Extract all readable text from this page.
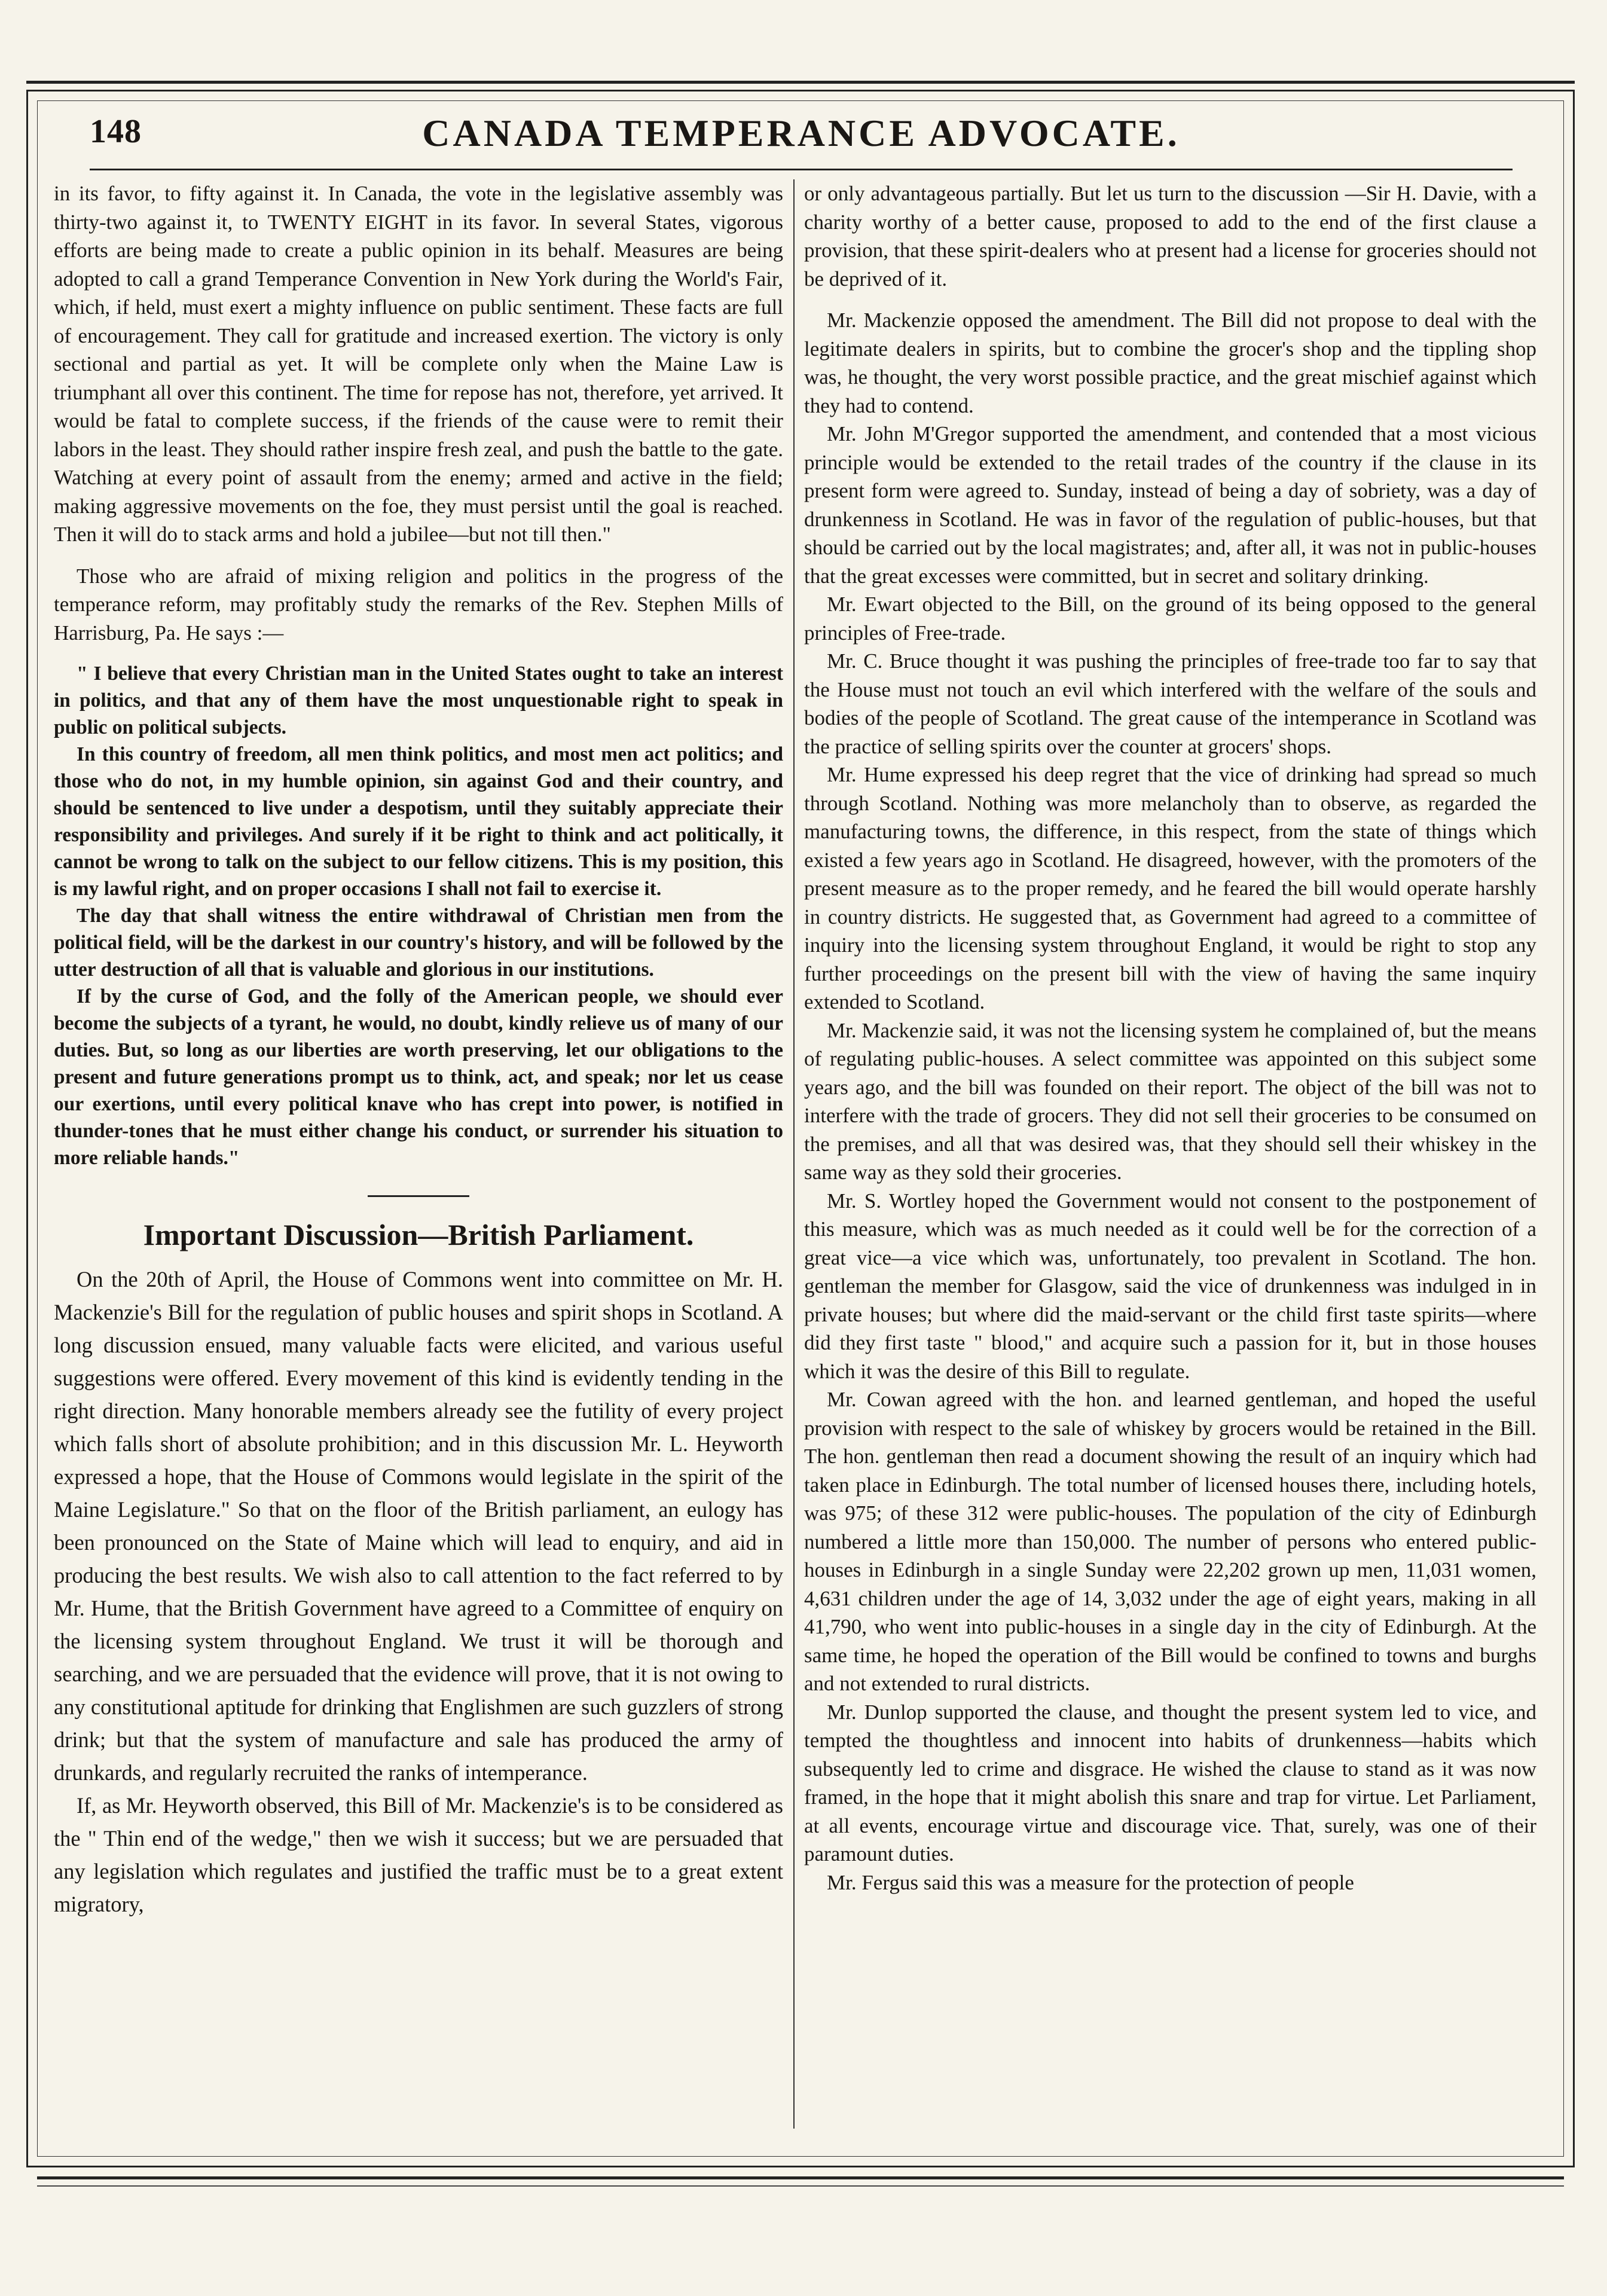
148	CANADA TEMPERANCE ADVOCATE.

in its favor, to fifty against it. In Canada, the vote in the legislative assembly was thirty-two against it, to TWENTY EIGHT in its favor. In several States, vigorous efforts are being made to create a public opinion in its behalf. Measures are being adopted to call a grand Temperance Convention in New York during the World's Fair, which, if held, must exert a mighty influence on public sentiment. These facts are full of encouragement. They call for gratitude and increased exertion. The victory is only sectional and partial as yet. It will be complete only when the Maine Law is triumphant all over this continent. The time for repose has not, therefore, yet arrived. It would be fatal to complete success, if the friends of the cause were to remit their labors in the least. They should rather inspire fresh zeal, and push the battle to the gate. Watching at every point of assault from the enemy; armed and active in the field; making aggressive movements on the foe, they must persist until the goal is reached. Then it will do to stack arms and hold a jubilee—but not till then."

Those who are afraid of mixing religion and politics in the progress of the temperance reform, may profitably study the remarks of the Rev. Stephen Mills of Harrisburg, Pa. He says :—

" I believe that every Christian man in the United States ought to take an interest in politics, and that any of them have the most unquestionable right to speak in public on political subjects.

In this country of freedom, all men think politics, and most men act politics; and those who do not, in my humble opinion, sin against God and their country, and should be sentenced to live under a despotism, until they suitably appreciate their responsibility and privileges. And surely if it be right to think and act politically, it cannot be wrong to talk on the subject to our fellow citizens. This is my position, this is my lawful right, and on proper occasions I shall not fail to exercise it.

The day that shall witness the entire withdrawal of Christian men from the political field, will be the darkest in our country's history, and will be followed by the utter destruction of all that is valuable and glorious in our institutions.

If by the curse of God, and the folly of the American people, we should ever become the subjects of a tyrant, he would, no doubt, kindly relieve us of many of our duties. But, so long as our liberties are worth preserving, let our obligations to the present and future generations prompt us to think, act, and speak; nor let us cease our exertions, until every political knave who has crept into power, is notified in thunder-tones that he must either change his conduct, or surrender his situation to more reliable hands."

Important Discussion—British Parliament.

On the 20th of April, the House of Commons went into committee on Mr. H. Mackenzie's Bill for the regulation of public houses and spirit shops in Scotland. A long discussion ensued, many valuable facts were elicited, and various useful suggestions were offered. Every movement of this kind is evidently tending in the right direction. Many honorable members already see the futility of every project which falls short of absolute prohibition; and in this discussion Mr. L. Heyworth expressed a hope, that the House of Commons would legislate in the spirit of the Maine Legislature." So that on the floor of the British parliament, an eulogy has been pronounced on the State of Maine which will lead to enquiry, and aid in producing the best results. We wish also to call attention to the fact referred to by Mr. Hume, that the British Government have agreed to a Committee of enquiry on the licensing system throughout England. We trust it will be thorough and searching, and we are persuaded that the evidence will prove, that it is not owing to any constitutional aptitude for drinking that Englishmen are such guzzlers of strong drink; but that the system of manufacture and sale has produced the army of drunkards, and regularly recruited the ranks of intemperance.

If, as Mr. Heyworth observed, this Bill of Mr. Mackenzie's is to be considered as the " Thin end of the wedge," then we wish it success; but we are persuaded that any legislation which regulates and justified the traffic must be to a great extent migratory,

or only advantageous partially. But let us turn to the discussion —Sir H. Davie, with a charity worthy of a better cause, proposed to add to the end of the first clause a provision, that these spirit-dealers who at present had a license for groceries should not be deprived of it.

Mr. Mackenzie opposed the amendment. The Bill did not propose to deal with the legitimate dealers in spirits, but to combine the grocer's shop and the tippling shop was, he thought, the very worst possible practice, and the great mischief against which they had to contend.

Mr. John M'Gregor supported the amendment, and contended that a most vicious principle would be extended to the retail trades of the country if the clause in its present form were agreed to. Sunday, instead of being a day of sobriety, was a day of drunkenness in Scotland. He was in favor of the regulation of public-houses, but that should be carried out by the local magistrates; and, after all, it was not in public-houses that the great excesses were committed, but in secret and solitary drinking.

Mr. Ewart objected to the Bill, on the ground of its being opposed to the general principles of Free-trade.

Mr. C. Bruce thought it was pushing the principles of free-trade too far to say that the House must not touch an evil which interfered with the welfare of the souls and bodies of the people of Scotland. The great cause of the intemperance in Scotland was the practice of selling spirits over the counter at grocers' shops.

Mr. Hume expressed his deep regret that the vice of drinking had spread so much through Scotland. Nothing was more melancholy than to observe, as regarded the manufacturing towns, the difference, in this respect, from the state of things which existed a few years ago in Scotland. He disagreed, however, with the promoters of the present measure as to the proper remedy, and he feared the bill would operate harshly in country districts. He suggested that, as Government had agreed to a committee of inquiry into the licensing system throughout England, it would be right to stop any further proceedings on the present bill with the view of having the same inquiry extended to Scotland.

Mr. Mackenzie said, it was not the licensing system he complained of, but the means of regulating public-houses. A select committee was appointed on this subject some years ago, and the bill was founded on their report. The object of the bill was not to interfere with the trade of grocers. They did not sell their groceries to be consumed on the premises, and all that was desired was, that they should sell their whiskey in the same way as they sold their groceries.

Mr. S. Wortley hoped the Government would not consent to the postponement of this measure, which was as much needed as it could well be for the correction of a great vice—a vice which was, unfortunately, too prevalent in Scotland. The hon. gentleman the member for Glasgow, said the vice of drunkenness was indulged in in private houses; but where did the maid-servant or the child first taste spirits—where did they first taste " blood," and acquire such a passion for it, but in those houses which it was the desire of this Bill to regulate.

Mr. Cowan agreed with the hon. and learned gentleman, and hoped the useful provision with respect to the sale of whiskey by grocers would be retained in the Bill. The hon. gentleman then read a document showing the result of an inquiry which had taken place in Edinburgh. The total number of licensed houses there, including hotels, was 975; of these 312 were public-houses. The population of the city of Edinburgh numbered a little more than 150,000. The number of persons who entered public-houses in Edinburgh in a single Sunday were 22,202 grown up men, 11,031 women, 4,631 children under the age of 14, 3,032 under the age of eight years, making in all 41,790, who went into public-houses in a single day in the city of Edinburgh. At the same time, he hoped the operation of the Bill would be confined to towns and burghs and not extended to rural districts.

Mr. Dunlop supported the clause, and thought the present system led to vice, and tempted the thoughtless and innocent into habits of drunkenness—habits which subsequently led to crime and disgrace. He wished the clause to stand as it was now framed, in the hope that it might abolish this snare and trap for virtue. Let Parliament, at all events, encourage virtue and discourage vice. That, surely, was one of their paramount duties.

Mr. Fergus said this was a measure for the protection of people
